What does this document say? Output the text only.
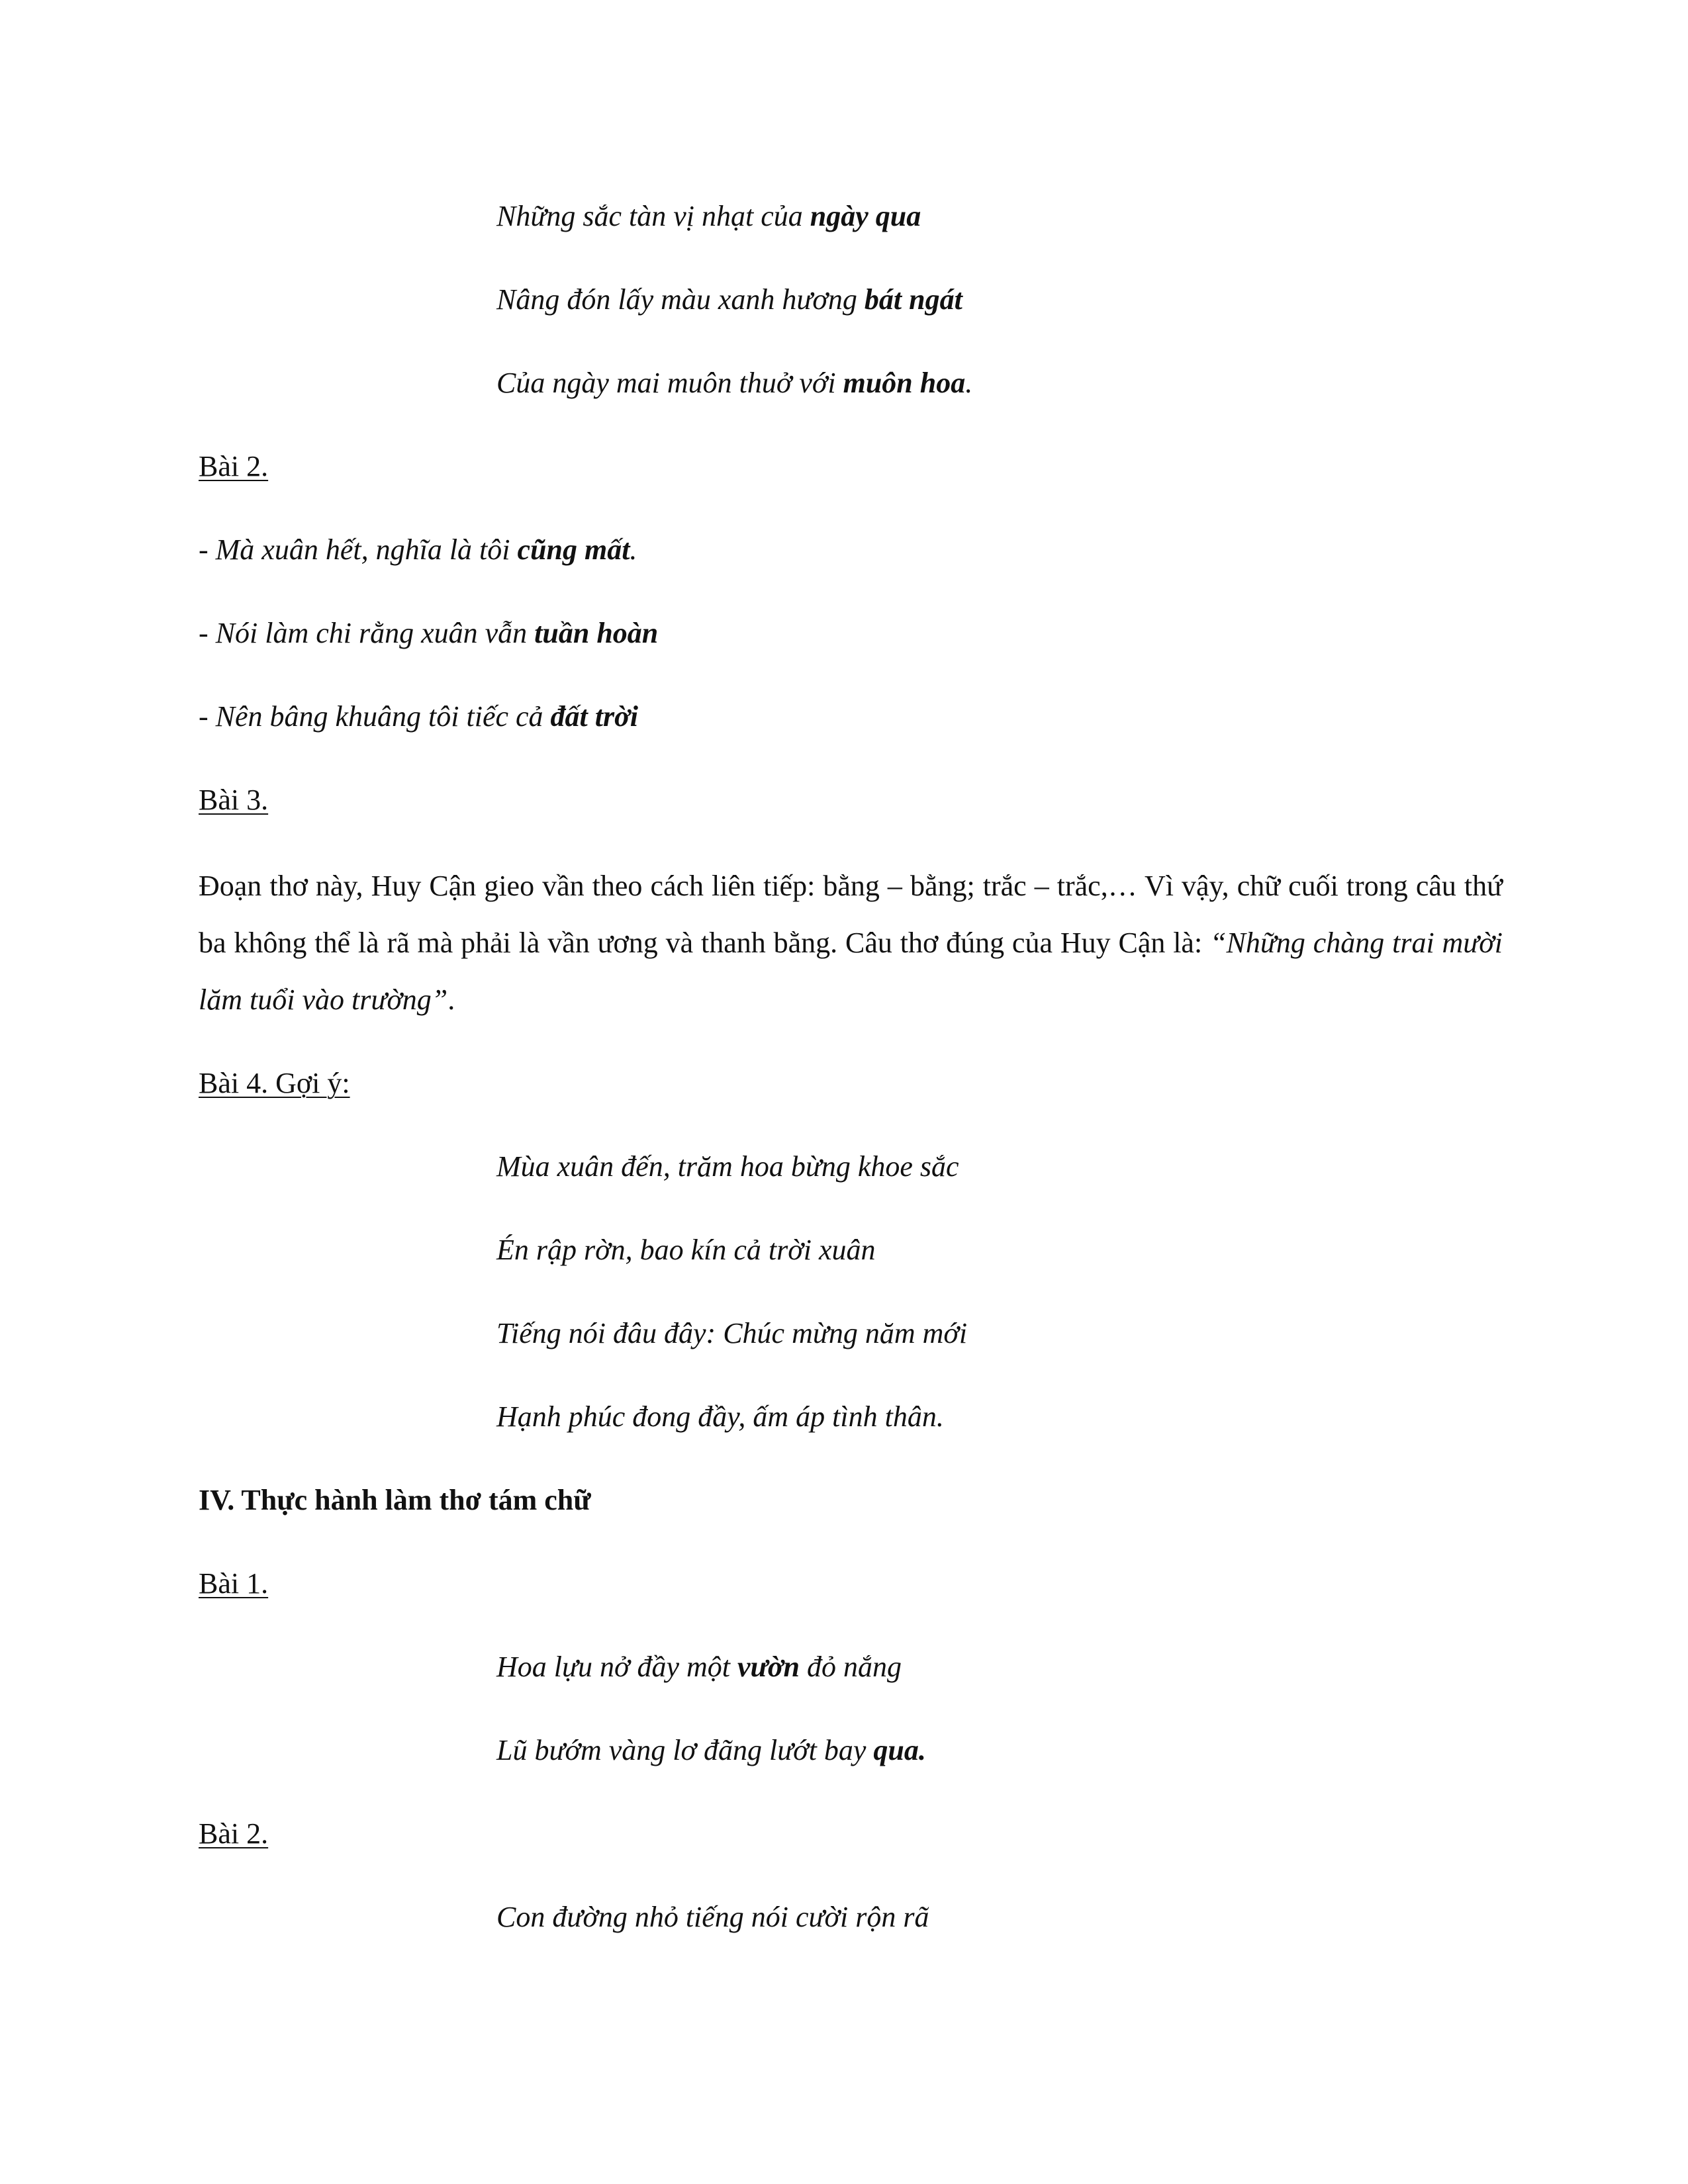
Những sắc tàn vị nhạt của ngày qua
Nâng đón lấy màu xanh hương bát ngát
Của ngày mai muôn thuở với muôn hoa.
Bài 2.
- Mà xuân hết, nghĩa là tôi cũng mất.
- Nói làm chi rằng xuân vẫn tuần hoàn
- Nên bâng khuâng tôi tiếc cả đất trời
Bài 3.
Đoạn thơ này, Huy Cận gieo vần theo cách liên tiếp: bằng – bằng; trắc – trắc,… Vì vậy, chữ cuối trong câu thứ ba không thể là rã mà phải là vần ương và thanh bằng. Câu thơ đúng của Huy Cận là: “Những chàng trai mười lăm tuổi vào trường”.
Bài 4. Gợi ý:
Mùa xuân đến, trăm hoa bừng khoe sắc
Én rập rờn, bao kín cả trời xuân
Tiếng nói đâu đây: Chúc mừng năm mới
Hạnh phúc đong đầy, ấm áp tình thân.
IV. Thực hành làm thơ tám chữ
Bài 1.
Hoa lựu nở đầy một vườn đỏ nắng
Lũ bướm vàng lơ đãng lướt bay qua.
Bài 2.
Con đường nhỏ tiếng nói cười rộn rã
